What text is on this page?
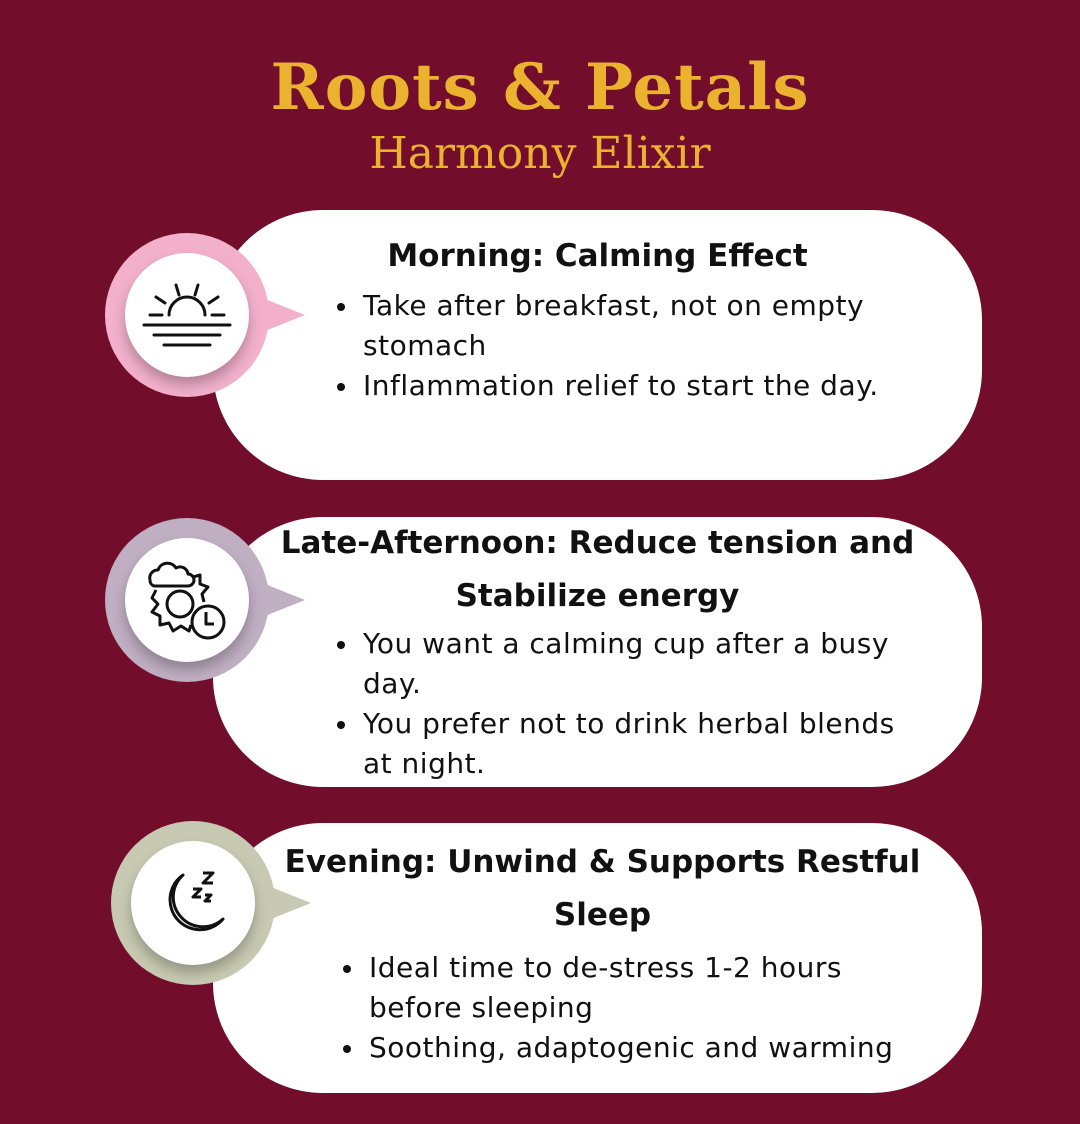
Roots & Petals
Harmony Elixir
Morning: Calming Effect
Take after breakfast, not on empty stomach
Inflammation relief to start the day.
Late-Afternoon: Reduce tension and Stabilize energy
You want a calming cup after a busy day.
You prefer not to drink herbal blends at night.
Evening: Unwind & Supports Restful Sleep
Ideal time to de-stress 1-2 hours before sleeping
Soothing, adaptogenic and warming
